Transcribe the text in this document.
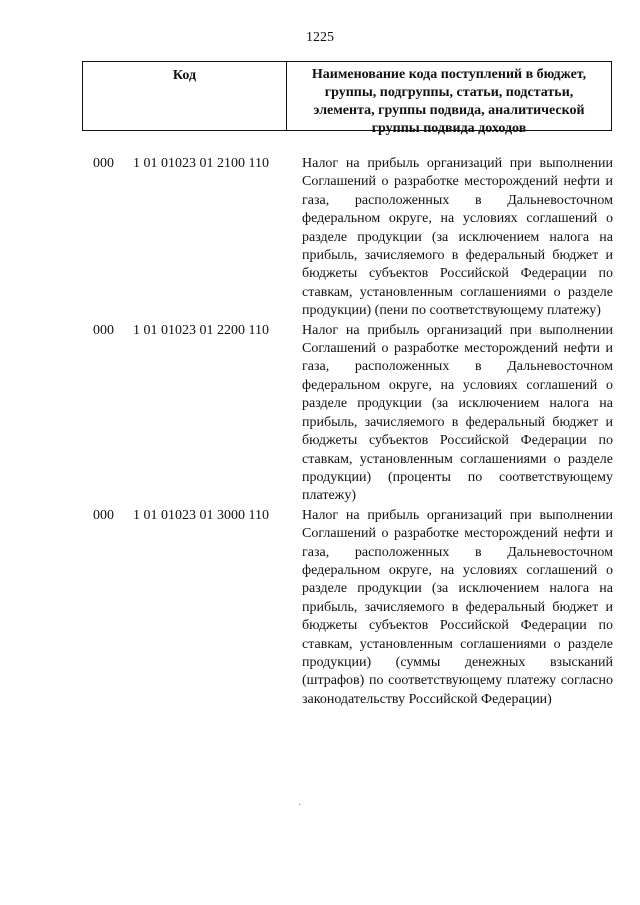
1225
Код	Наименование кода поступлений в бюджет, группы, подгруппы, статьи, подстатьи, элемента, группы подвида, аналитической группы подвида доходов
000	1 01 01023 01 2100 110	Налог на прибыль организаций при выполнении Соглашений о разработке месторождений нефти и газа, расположенных в Дальневосточном федеральном округе, на условиях соглашений о разделе продукции (за исключением налога на прибыль, зачисляемого в федеральный бюджет и бюджеты субъектов Российской Федерации по ставкам, установленным соглашениями о разделе продукции) (пени по соответствующему платежу)
000	1 01 01023 01 2200 110	Налог на прибыль организаций при выполнении Соглашений о разработке месторождений нефти и газа, расположенных в Дальневосточном федеральном округе, на условиях соглашений о разделе продукции (за исключением налога на прибыль, зачисляемого в федеральный бюджет и бюджеты субъектов Российской Федерации по ставкам, установленным соглашениями о разделе продукции) (проценты по соответствующему платежу)
000	1 01 01023 01 3000 110	Налог на прибыль организаций при выполнении Соглашений о разработке месторождений нефти и газа, расположенных в Дальневосточном федеральном округе, на условиях соглашений о разделе продукции (за исключением налога на прибыль, зачисляемого в федеральный бюджет и бюджеты субъектов Российской Федерации по ставкам, установленным соглашениями о разделе продукции) (суммы денежных взысканий (штрафов) по соответствующему платежу согласно законодательству Российской Федерации)
·
